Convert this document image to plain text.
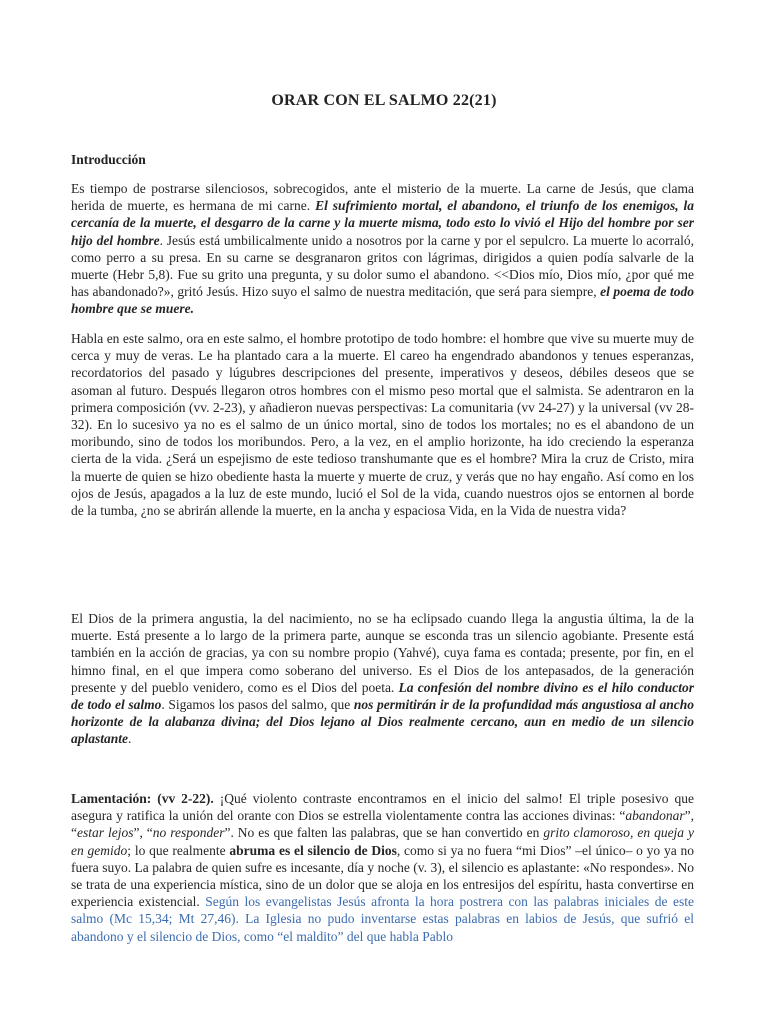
ORAR CON EL SALMO 22(21)
Introducción
Es tiempo de postrarse silenciosos, sobrecogidos, ante el misterio de la muerte. La carne de Jesús, que clama herida de muerte, es hermana de mi carne. El sufrimiento mortal, el abandono, el triunfo de los enemigos, la cercanía de la muerte, el desgarro de la carne y la muerte misma, todo esto lo vivió el Hijo del hombre por ser hijo del hombre. Jesús está umbilicalmente unido a nosotros por la carne y por el sepulcro. La muerte lo acorraló, como perro a su presa. En su carne se desgranaron gritos con lágrimas, dirigidos a quien podía salvarle de la muerte (Hebr 5,8). Fue su grito una pregunta, y su dolor sumo el abandono. <<Dios mío, Dios mío, ¿por qué me has abandonado?», gritó Jesús. Hizo suyo el salmo de nuestra meditación, que será para siempre, el poema de todo hombre que se muere.
Habla en este salmo, ora en este salmo, el hombre prototipo de todo hombre: el hombre que vive su muerte muy de cerca y muy de veras. Le ha plantado cara a la muerte. El careo ha engendrado abandonos y tenues esperanzas, recordatorios del pasado y lúgubres descripciones del presente, imperativos y deseos, débiles deseos que se asoman al futuro. Después llegaron otros hombres con el mismo peso mortal que el salmista. Se adentraron en la primera composición (vv. 2-23), y añadieron nuevas perspectivas: La comunitaria (vv 24-27) y la universal (vv 28-32). En lo sucesivo ya no es el salmo de un único mortal, sino de todos los mortales; no es el abandono de un moribundo, sino de todos los moribundos. Pero, a la vez, en el amplio horizonte, ha ido creciendo la esperanza cierta de la vida. ¿Será un espejismo de este tedioso transhumante que es el hombre? Mira la cruz de Cristo, mira la muerte de quien se hizo obediente hasta la muerte y muerte de cruz, y verás que no hay engaño. Así como en los ojos de Jesús, apagados a la luz de este mundo, lució el Sol de la vida, cuando nuestros ojos se entornen al borde de la tumba, ¿no se abrirán allende la muerte, en la ancha y espaciosa Vida, en la Vida de nuestra vida?
El Dios de la primera angustia, la del nacimiento, no se ha eclipsado cuando llega la angustia última, la de la muerte. Está presente a lo largo de la primera parte, aunque se esconda tras un silencio agobiante. Presente está también en la acción de gracias, ya con su nombre propio (Yahvé), cuya fama es contada; presente, por fin, en el himno final, en el que impera como soberano del universo. Es el Dios de los antepasados, de la generación presente y del pueblo venidero, como es el Dios del poeta. La confesión del nombre divino es el hilo conductor de todo el salmo. Sigamos los pasos del salmo, que nos permitirán ir de la profundidad más angustiosa al ancho horizonte de la alabanza divina; del Dios lejano al Dios realmente cercano, aun en medio de un silencio aplastante.
Lamentación: (vv 2-22). ¡Qué violento contraste encontramos en el inicio del salmo! El triple posesivo que asegura y ratifica la unión del orante con Dios se estrella violentamente contra las acciones divinas: “abandonar”, “estar lejos”, “no responder”. No es que falten las palabras, que se han convertido en grito clamoroso, en queja y en gemido; lo que realmente abruma es el silencio de Dios, como si ya no fuera “mi Dios” –el único– o yo ya no fuera suyo. La palabra de quien sufre es incesante, día y noche (v. 3), el silencio es aplastante: «No respondes». No se trata de una experiencia mística, sino de un dolor que se aloja en los entresijos del espíritu, hasta convertirse en experiencia existencial. Según los evangelistas Jesús afronta la hora postrera con las palabras iniciales de este salmo (Mc 15,34; Mt 27,46). La Iglesia no pudo inventarse estas palabras en labios de Jesús, que sufrió el abandono y el silencio de Dios, como “el maldito” del que habla Pablo
